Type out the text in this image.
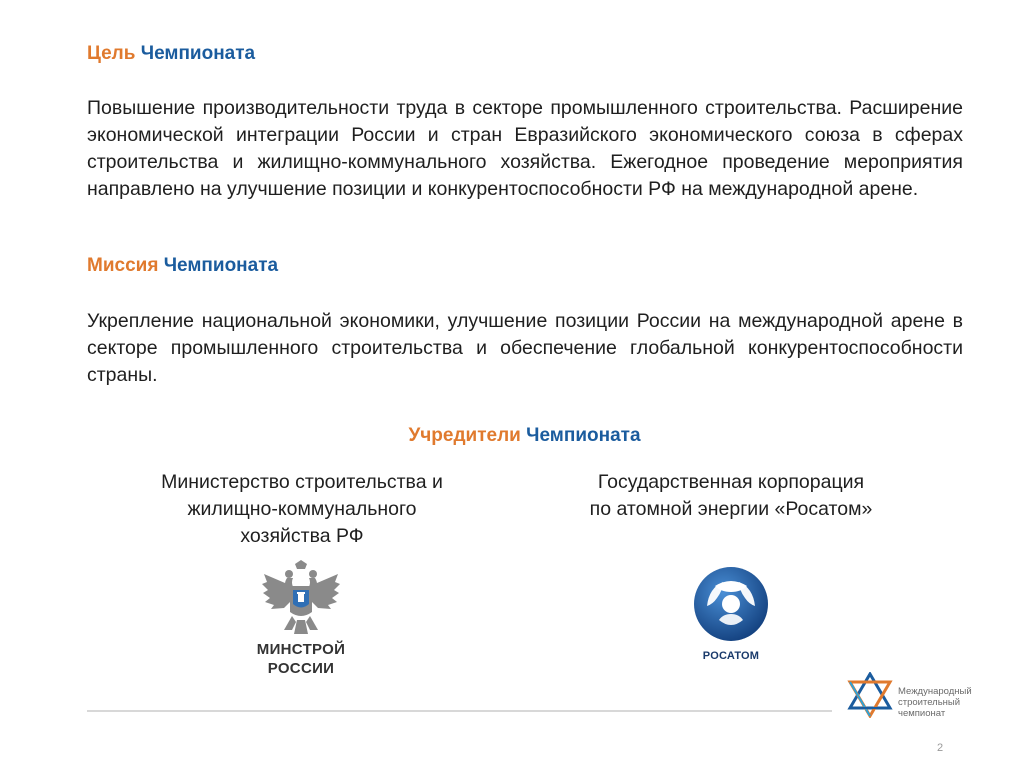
Цель Чемпионата
Повышение производительности труда в секторе промышленного строительства. Расширение экономической интеграции России и стран Евразийского экономического союза в сферах строительства и жилищно-коммунального хозяйства. Ежегодное проведение мероприятия направлено на улучшение позиции и конкурентоспособности РФ на международной арене.
Миссия Чемпионата
Укрепление национальной экономики, улучшение позиции России на международной арене в секторе промышленного строительства и обеспечение глобальной конкурентоспособности страны.
Учредители Чемпионата
Министерство строительства и
жилищно-коммунального
хозяйства РФ
МИНСТРОЙ
РОССИИ
Государственная корпорация
по атомной энергии «Росатом»
РОСАТОМ
Международный
строительный
чемпионат
2
